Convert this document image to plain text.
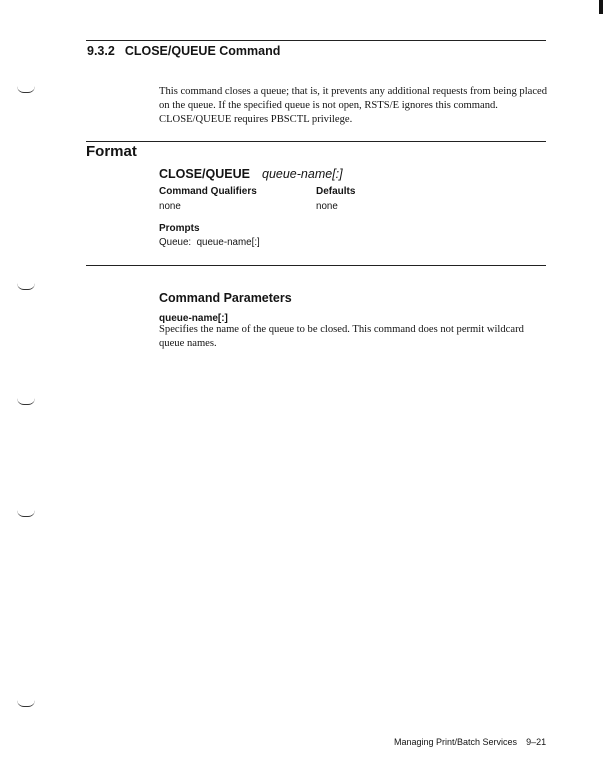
9.3.2 CLOSE/QUEUE Command
This command closes a queue; that is, it prevents any additional requests from being placed on the queue. If the specified queue is not open, RSTS/E ignores this command. CLOSE/QUEUE requires PBSCTL privilege.
Format
CLOSE/QUEUE queue-name[:]
Command Qualifiers	Defaults
none	none
Prompts
Queue:  queue-name[:]
Command Parameters
queue-name[:]
Specifies the name of the queue to be closed. This command does not permit wildcard queue names.
Managing Print/Batch Services 9–21
